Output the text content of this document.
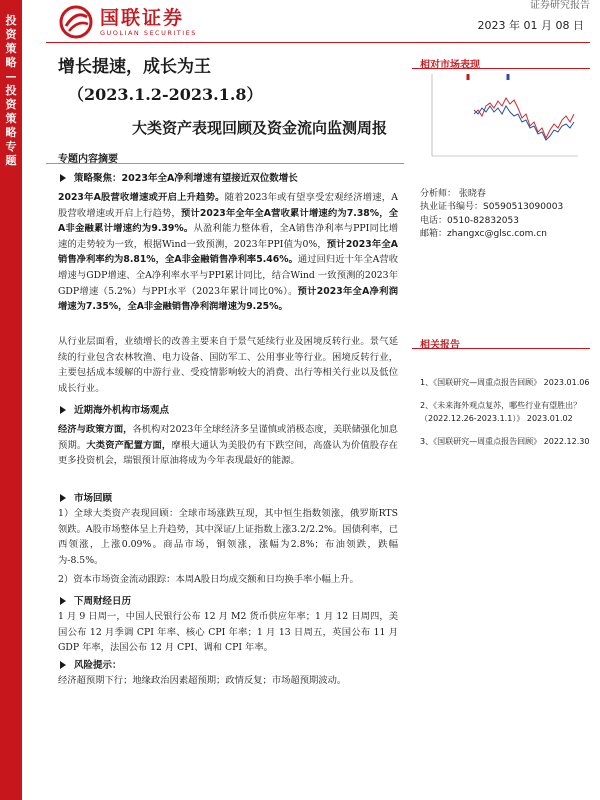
投资策略—投资策略专题
国联证券
GUOLIAN SECURITIES
证券研究报告
2023 年 01 月 08 日
增长提速，成长为王
（2023.1.2-2023.1.8）
大类资产表现回顾及资金流向监测周报
相对市场表现
分析师： 张晓春
执业证书编号：S0590513090003
电话：0510-82832053
邮箱：zhangxc@glsc.com.cn
相关报告
1、《国联研究—周重点报告回顾》 2023.01.06
2、《未来海外观点复苏，哪些行业有望胜出？（2022.12.26-2023.1.1）》 2023.01.02
3、《国联研究—周重点报告回顾》 2022.12.30
专题内容摘要
策略聚焦：2023年全A净利增速有望接近双位数增长
2023年A股营收增速或开启上升趋势。随着2023年或有望享受宏观经济增速，A股营收增速或开启上行趋势，预计2023年全年全A营收累计增速约为7.38%，全A非金融累计增速约为9.39%。从盈利能力整体看，全A销售净利率与PPI同比增速的走势较为一致，根据Wind一致预测，2023年PPI值为0%，预计2023年全A销售净利率约为8.81%，全A非金融销售净利率5.46%。通过回归近十年全A营收增速与GDP增速、全A净利率水平与PPI累计同比，结合Wind 一致预测的2023年GDP增速（5.2%）与PPI水平（2023年累计同比0%）。预计2023年全A净利润增速为7.35%，全A非金融销售净利润增速为9.25%。
从行业层面看，业绩增长的改善主要来自于景气延续行业及困境反转行业。景气延续的行业包含农林牧渔、电力设备、国防军工、公用事业等行业。困境反转行业，主要包括成本缓解的中游行业、受疫情影响较大的消费、出行等相关行业以及低位成长行业。
近期海外机构市场观点
经济与政策方面，各机构对2023年全球经济多呈谨慎或消极态度，美联储强化加息预期。大类资产配置方面，摩根大通认为美股仍有下跌空间，高盛认为价值股存在更多投资机会，瑞银预计原油将成为今年表现最好的能源。
市场回顾
1）全球大类资产表现回顾：全球市场涨跌互现，其中恒生指数领涨，俄罗斯RTS领跌。A股市场整体呈上升趋势，其中深证/上证指数上涨3.2/2.2%。国债利率，已西领涨，上涨0.09%。商品市场，铜领涨，涨幅为2.8%；布油领跌，跌幅为-8.5%。
2）资本市场资金流动跟踪：本周A股日均成交额和日均换手率小幅上升。
下周财经日历
1 月 9 日周一，中国人民银行公布 12 月 M2 货币供应年率；1 月 12 日周四，美国公布 12 月季调 CPI 年率、核心 CPI 年率；1 月 13 日周五，英国公布 11 月 GDP 年率，法国公布 12 月 CPI、调和 CPI 年率。
风险提示：
经济超预期下行；地缘政治因素超预期；政情反复；市场超预期波动。
